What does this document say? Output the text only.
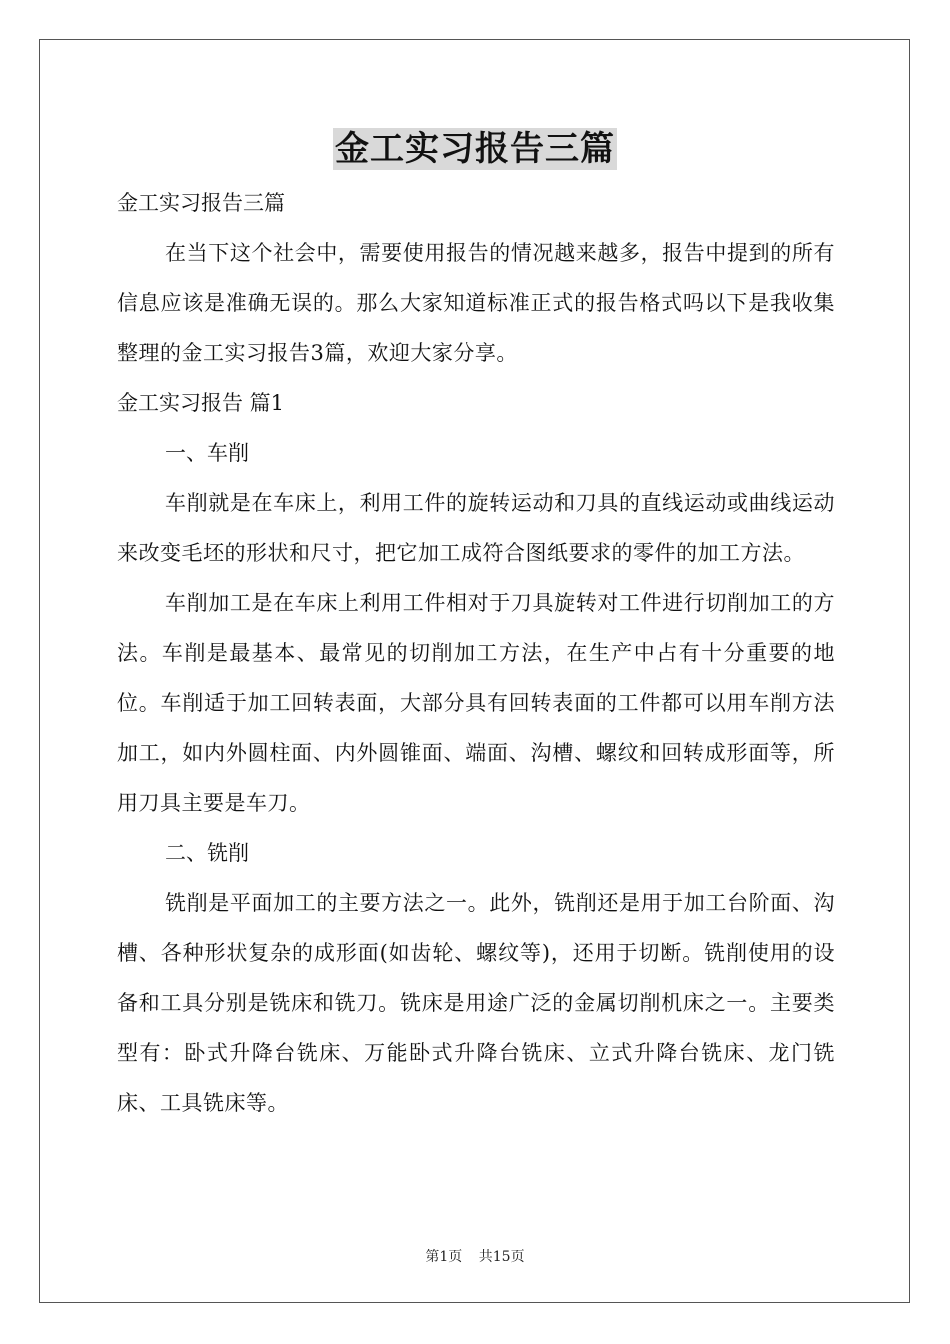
金工实习报告三篇

金工实习报告三篇

在当下这个社会中，需要使用报告的情况越来越多，报告中提到的所有信息应该是准确无误的。那么大家知道标准正式的报告格式吗以下是我收集整理的金工实习报告3篇，欢迎大家分享。

金工实习报告 篇1

一、车削

车削就是在车床上，利用工件的旋转运动和刀具的直线运动或曲线运动来改变毛坯的形状和尺寸，把它加工成符合图纸要求的零件的加工方法。

车削加工是在车床上利用工件相对于刀具旋转对工件进行切削加工的方法。车削是最基本、最常见的切削加工方法，在生产中占有十分重要的地位。车削适于加工回转表面，大部分具有回转表面的工件都可以用车削方法加工，如内外圆柱面、内外圆锥面、端面、沟槽、螺纹和回转成形面等，所用刀具主要是车刀。

二、铣削

铣削是平面加工的主要方法之一。此外，铣削还是用于加工台阶面、沟槽、各种形状复杂的成形面(如齿轮、螺纹等)，还用于切断。铣削使用的设备和工具分别是铣床和铣刀。铣床是用途广泛的金属切削机床之一。主要类型有：卧式升降台铣床、万能卧式升降台铣床、立式升降台铣床、龙门铣床、工具铣床等。

第1页 共15页
